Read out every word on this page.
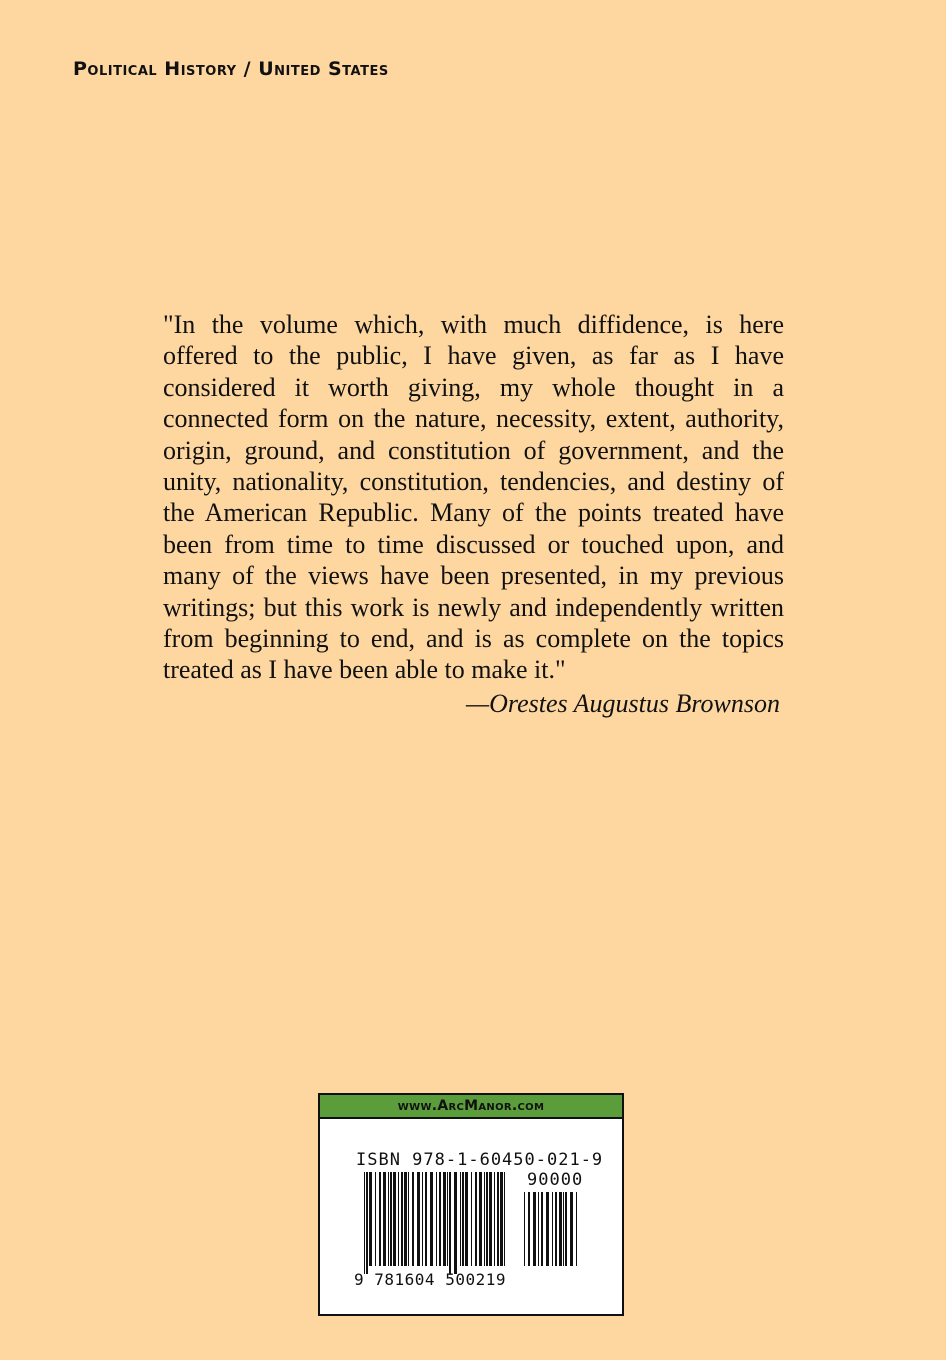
Political History / United States

"In the volume which, with much diffidence, is here offered to the public, I have given, as far as I have considered it worth giving, my whole thought in a connected form on the nature, necessity, extent, authority, origin, ground, and constitution of government, and the unity, nationality, constitution, tendencies, and destiny of the American Republic. Many of the points treated have been from time to time discussed or touched upon, and many of the views have been presented, in my previous writings; but this work is newly and independently written from beginning to end, and is as complete on the topics treated as I have been able to make it."

—Orestes Augustus Brownson

www.ArcManor.com
ISBN 978-1-60450-021-9
90000
9 781604 500219
